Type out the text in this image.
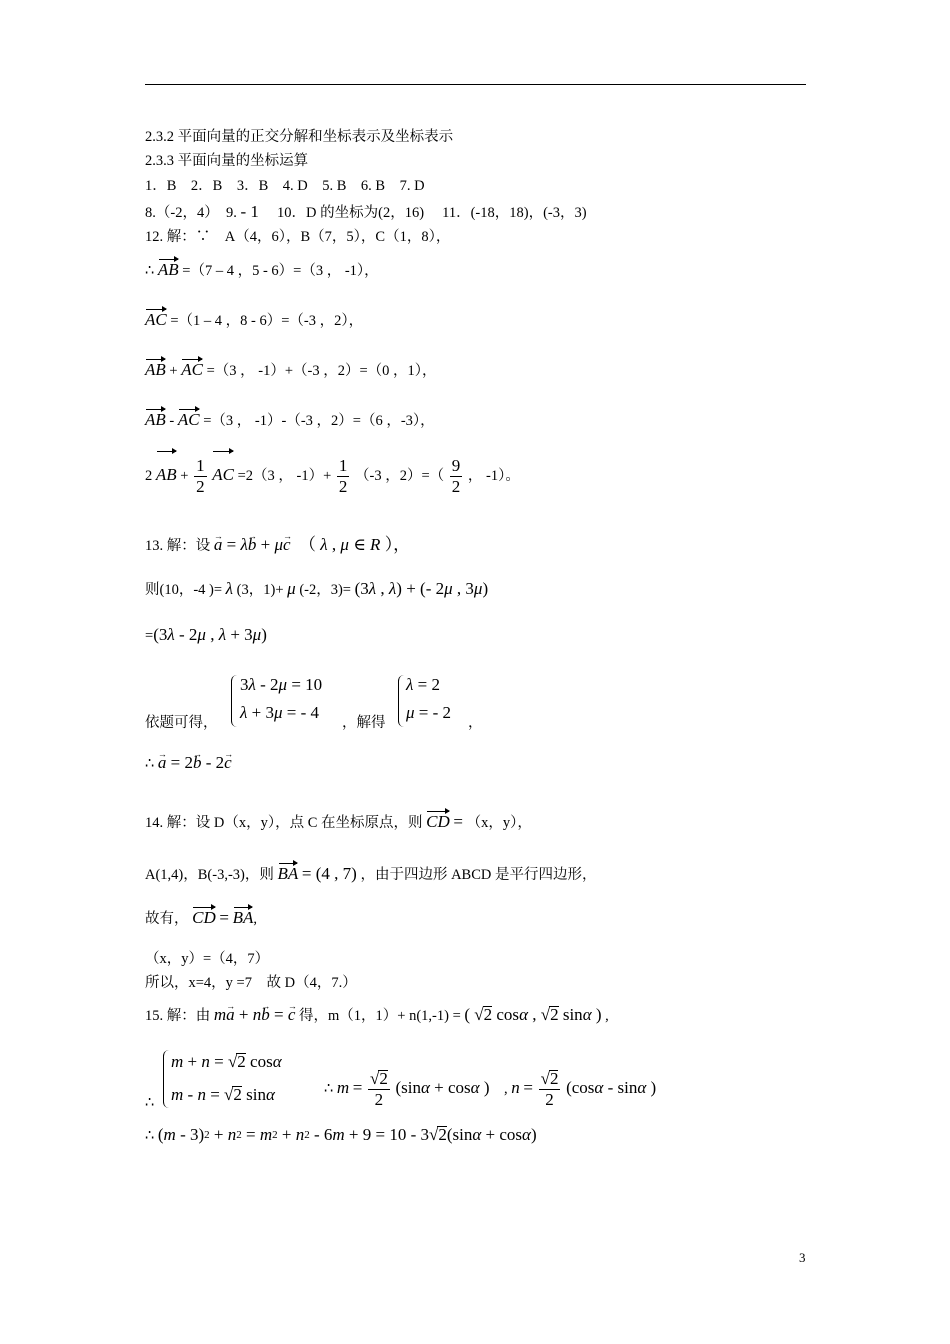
2.3.2 平面向量的正交分解和坐标表示及坐标表示
2.3.3 平面向量的坐标运算
1．B　2．B　3．B　4. D　5. B　6. B　7. D
8.（-2，4）　9. - 1 　10．D 的坐标为(2，16)　 11．(-18，18)，(-3，3)
12. 解：∵　A（4，6），B（7，5），C（1，8），
∴ AB =（7 – 4 ，5 - 6）=（3 ， -1），
AC =（1 – 4 ，8 - 6）=（-3 ，2），
AB + AC =（3 ， -1）+（-3 ，2）=（0 ，1），
AB - AC =（3 ， -1）-（-3 ，2）=（6 ，-3），
2 AB + $\frac{1}{2}$ AC =2（3 ， $-1)+ \frac{1}{2} (-3$ ，$2)=( \frac{9}{2}$ ， -1）。
13. 解：设 a → = λb → + μc →　（ λ , μ ∈ R ），
则(10，-4 )= λ (3，1)+ μ (-2，3)= (3λ , λ) + (- 2μ , 3μ)
=(3λ - 2μ , λ + 3μ)
依题可得，
3λ - 2μ = 10
λ + 3μ = - 4
，解得
λ = 2
μ = - 2
，
∴ a → = 2b → - 2c →
14. 解：设 D（x，y），点 C 在坐标原点，则 CD = （x，y），
A(1,4)，B(-3,-3)，则 BA = (4 , 7) ，由于四边形 ABCD 是平行四边形，
故有， CD = BA,
（x，y）=（4，7）
所以，x=4，y =7　故 D（4，7.）
15. 解：由 ma → + nb → = c → 得，m（1，1）+ n(1,-1) = ( √2 cosα , √2 sinα ) ,
m + n = √2 cosα
m - n = √2 sinα
∴
∴ $m = \frac{√2}{2} (\sin\alpha + \cos\alpha$ )　, $n = \frac{√2}{2} (\cos\alpha - \sin\alpha$ )
∴ $(m - 3)^2 + n^2 = m^2 + n^2 - 6m + 9 = 10 - 3√2(\sin\alpha + \cos\alpha)$
3
